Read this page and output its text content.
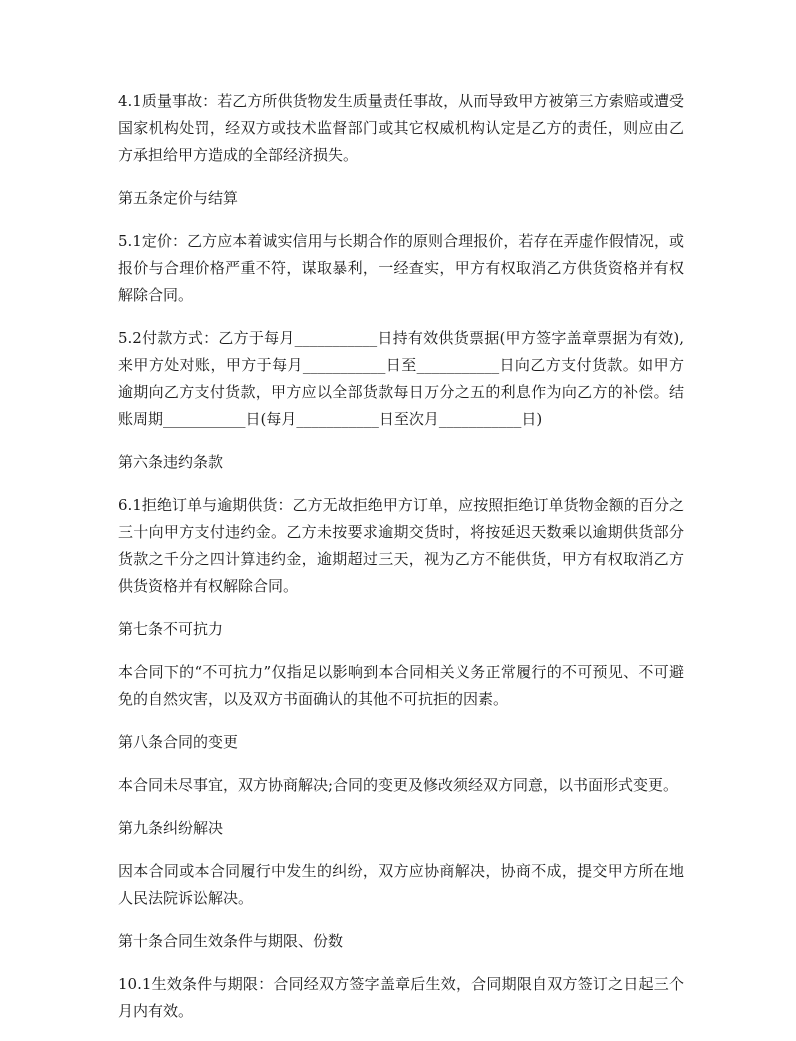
4.1质量事故：若乙方所供货物发生质量责任事故，从而导致甲方被第三方索赔或遭受国家机构处罚，经双方或技术监督部门或其它权威机构认定是乙方的责任，则应由乙方承担给甲方造成的全部经济损失。

第五条定价与结算

5.1定价：乙方应本着诚实信用与长期合作的原则合理报价，若存在弄虚作假情况，或报价与合理价格严重不符，谋取暴利，一经查实，甲方有权取消乙方供货资格并有权解除合同。

5.2付款方式：乙方于每月___________日持有效供货票据(甲方签字盖章票据为有效),来甲方处对账，甲方于每月___________日至___________日向乙方支付货款。如甲方逾期向乙方支付货款，甲方应以全部货款每日万分之五的利息作为向乙方的补偿。结账周期___________日(每月___________日至次月___________日)

第六条违约条款

6.1拒绝订单与逾期供货：乙方无故拒绝甲方订单，应按照拒绝订单货物金额的百分之三十向甲方支付违约金。乙方未按要求逾期交货时，将按延迟天数乘以逾期供货部分货款之千分之四计算违约金，逾期超过三天，视为乙方不能供货，甲方有权取消乙方供货资格并有权解除合同。

第七条不可抗力

本合同下的“不可抗力”仅指足以影响到本合同相关义务正常履行的不可预见、不可避免的自然灾害，以及双方书面确认的其他不可抗拒的因素。

第八条合同的变更

本合同未尽事宜，双方协商解决;合同的变更及修改须经双方同意，以书面形式变更。

第九条纠纷解决

因本合同或本合同履行中发生的纠纷，双方应协商解决，协商不成，提交甲方所在地人民法院诉讼解决。

第十条合同生效条件与期限、份数

10.1生效条件与期限：合同经双方签字盖章后生效，合同期限自双方签订之日起三个月内有效。
